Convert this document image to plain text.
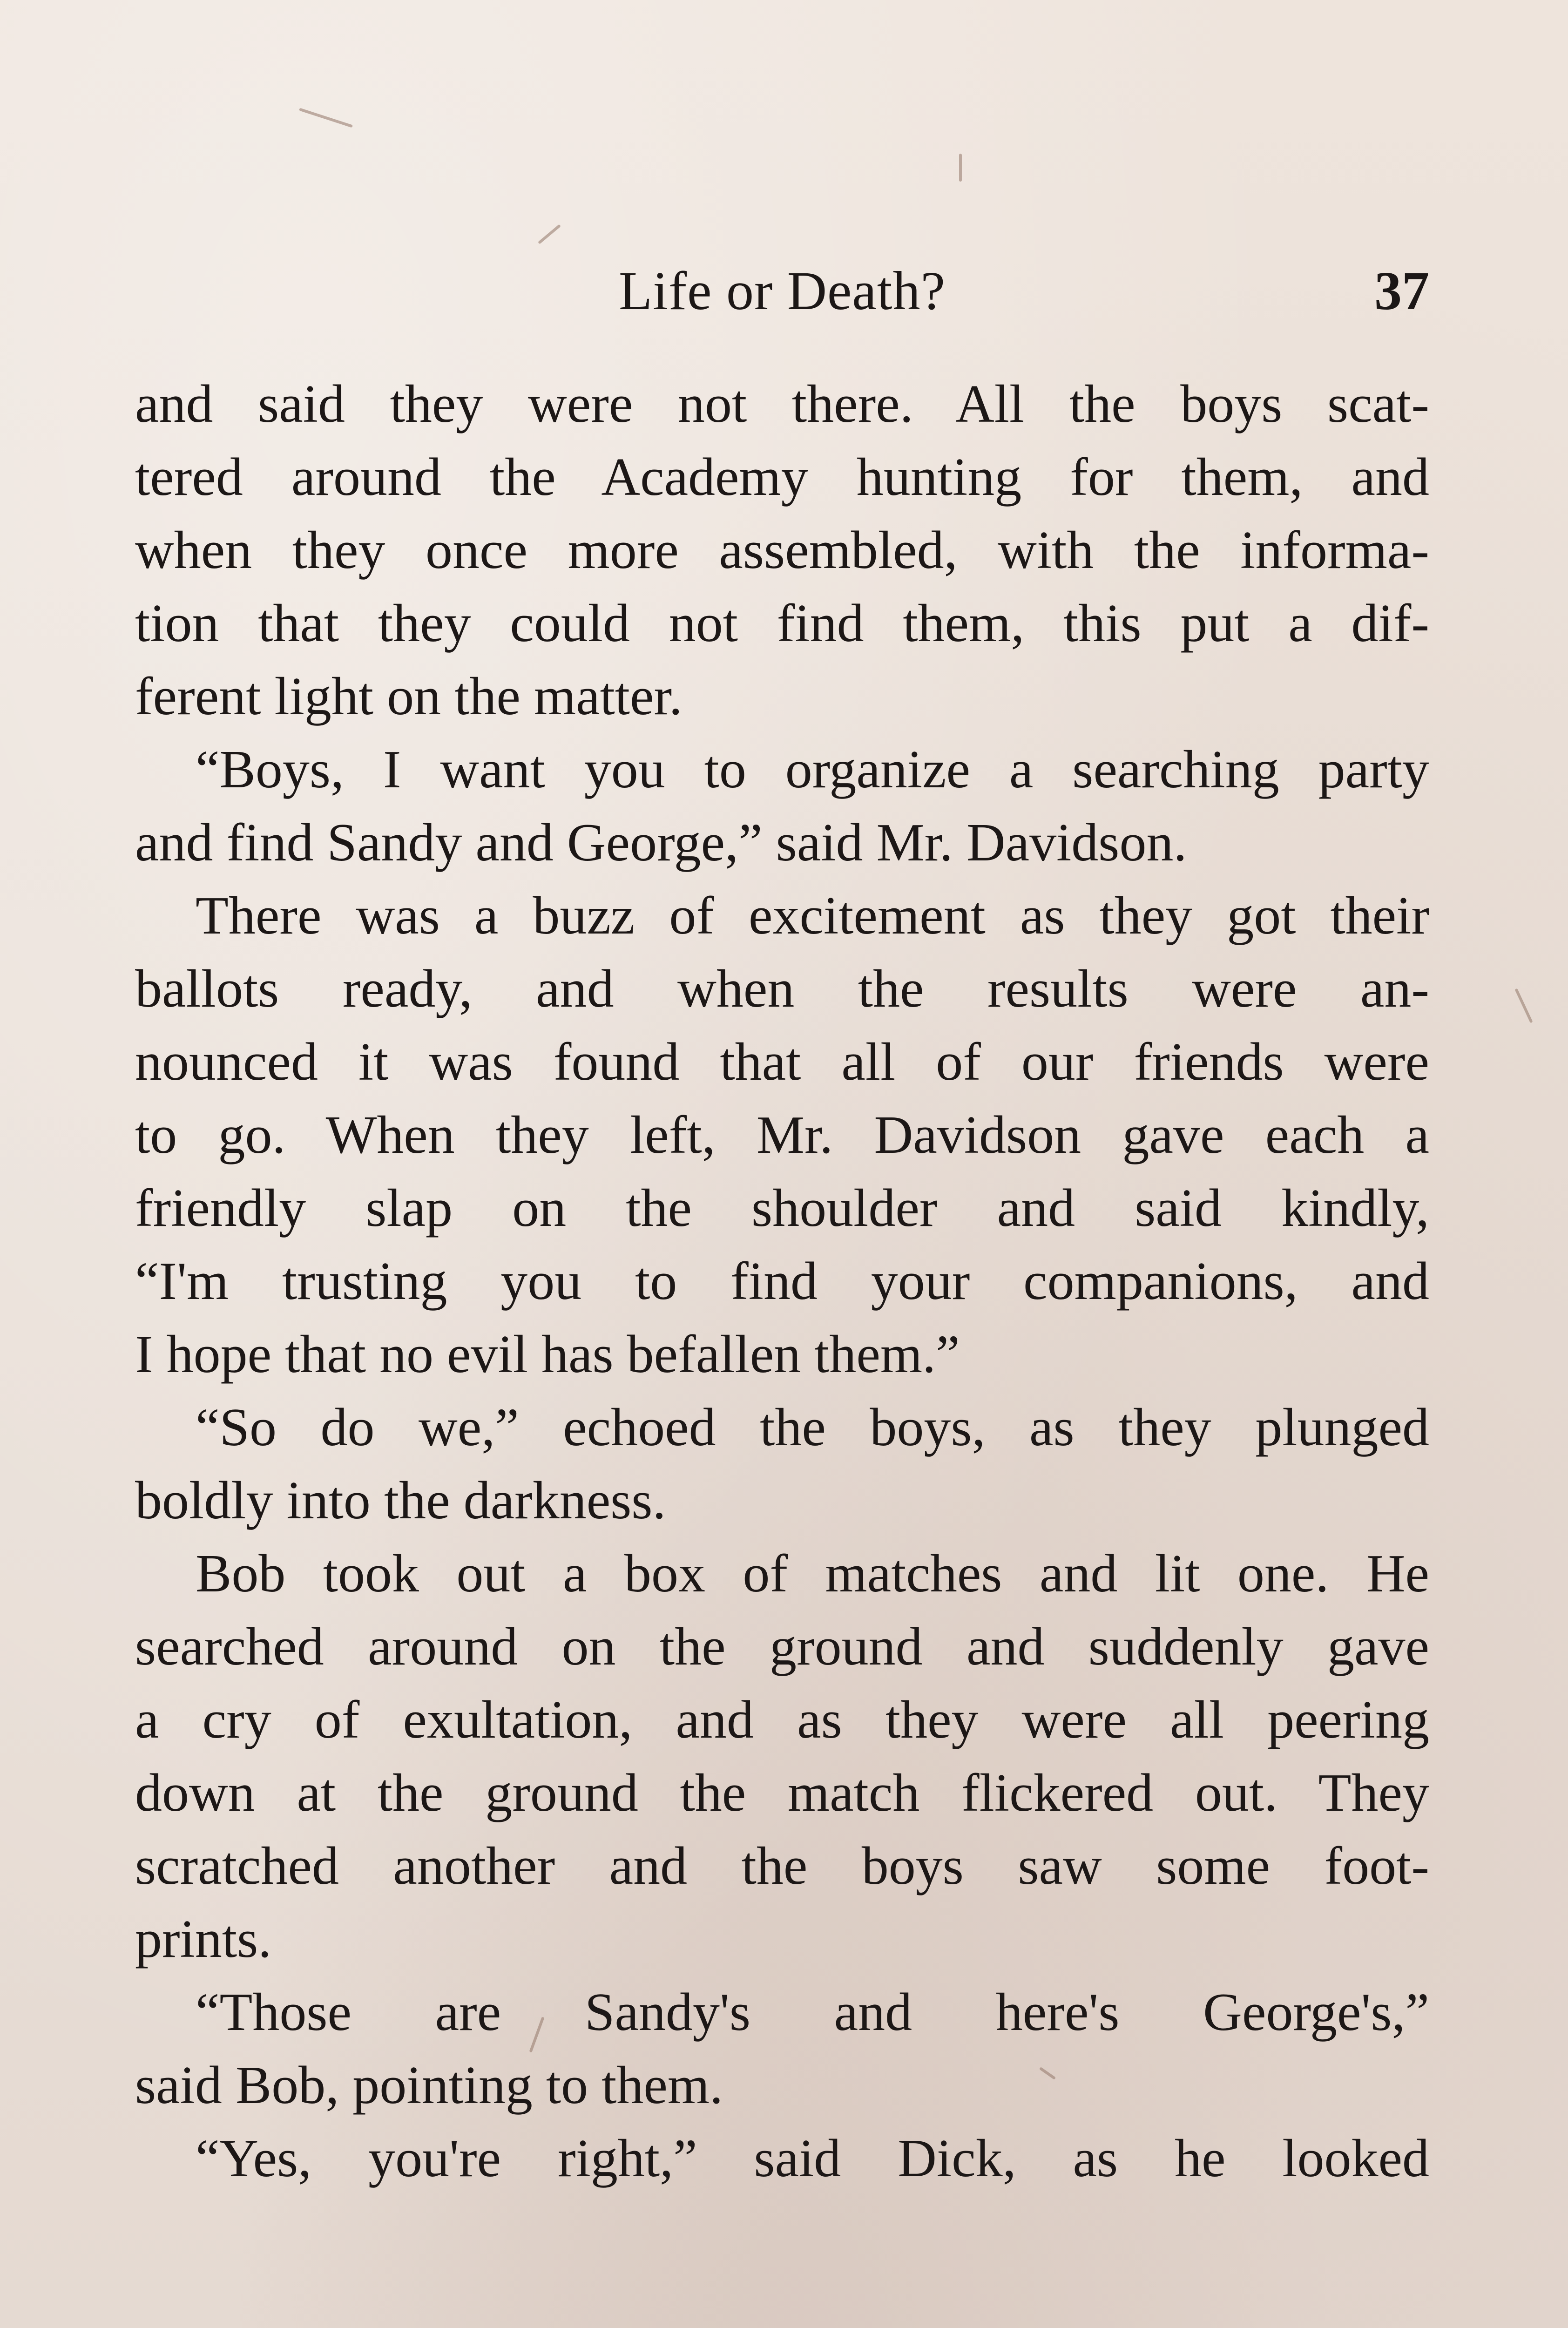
Life or Death?	37
and said they were not there. All the boys scat-
tered around the Academy hunting for them, and
when they once more assembled, with the informa-
tion that they could not find them, this put a dif-
ferent light on the matter.
“Boys, I want you to organize a searching party
and find Sandy and George,” said Mr. Davidson.
There was a buzz of excitement as they got their
ballots ready, and when the results were an-
nounced it was found that all of our friends were
to go. When they left, Mr. Davidson gave each a
friendly slap on the shoulder and said kindly,
“I'm trusting you to find your companions, and
I hope that no evil has befallen them.”
“So do we,” echoed the boys, as they plunged
boldly into the darkness.
Bob took out a box of matches and lit one. He
searched around on the ground and suddenly gave
a cry of exultation, and as they were all peering
down at the ground the match flickered out. They
scratched another and the boys saw some foot-
prints.
“Those are Sandy's and here's George's,”
said Bob, pointing to them.
“Yes, you're right,” said Dick, as he looked
